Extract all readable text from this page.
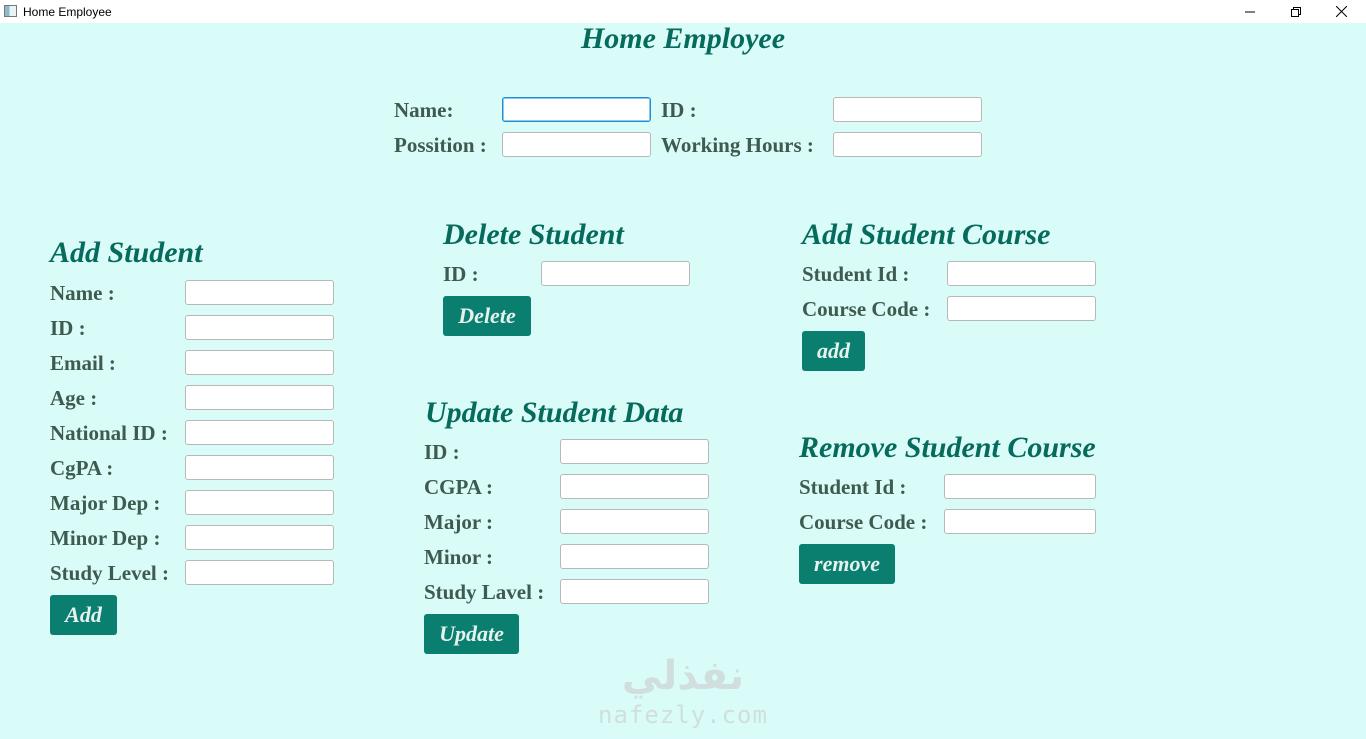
Home Employee
Home Employee
Name:	ID :
Possition :	Working Hours :
Add Student
Name :
ID :
Email :
Age :
National ID :
CgPA :
Major Dep :
Minor Dep :
Study Level :
Add
Delete Student
ID :
Delete
Update Student Data
ID :
CGPA :
Major :
Minor :
Study Lavel :
Update
Add Student Course
Student Id :
Course Code :
add
Remove Student Course
Student Id :
Course Code :
remove
نفذلي
nafezly.com
